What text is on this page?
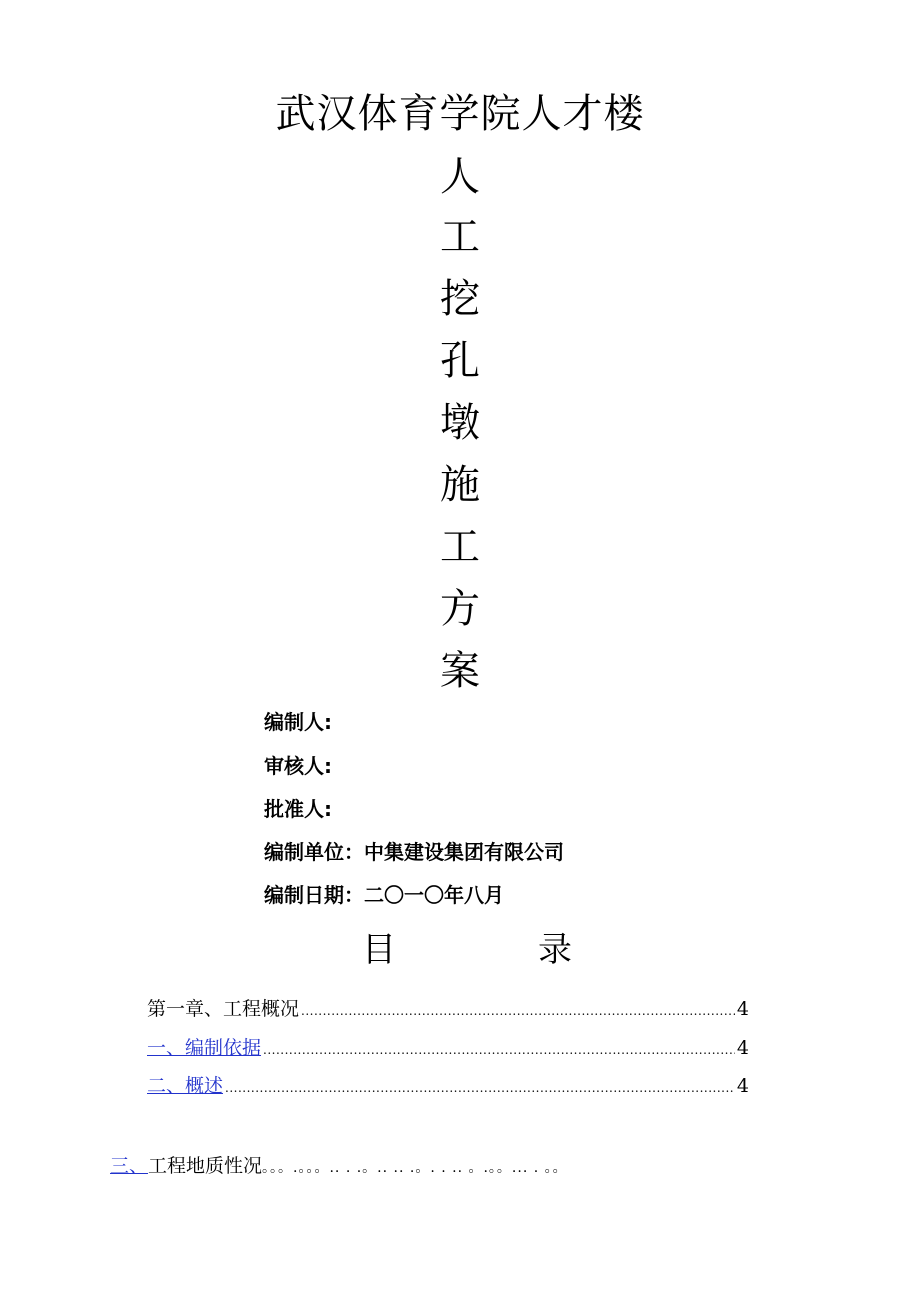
武汉体育学院人才楼
人
工
挖
孔
墩
施
工
方
案
编制人:
审核人:
批准人:
编制单位：中集建设集团有限公司
编制日期：二〇一〇年八月
目	录
第一章、工程概况 .....	4
一、编制依据 .....	4
二、概述 .....	4
三、工程地质性况。。。.。。。.. . .。.. .. .。. . .. 。.。。... . 。。
